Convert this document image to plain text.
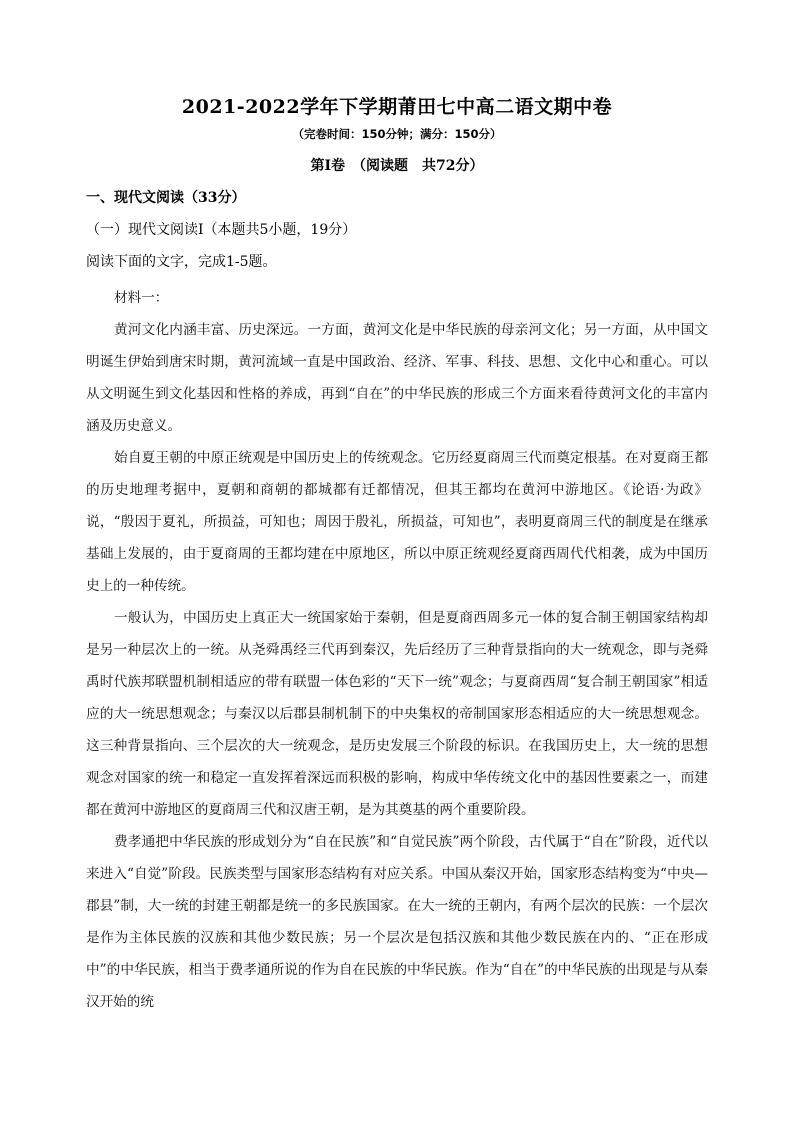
2021-2022学年下学期莆田七中高二语文期中卷
（完卷时间：150分钟；满分：150分）
第Ⅰ卷　（阅读题　共72分）
一、现代文阅读（33分）
（一）现代文阅读Ⅰ（本题共5小题，19分）
阅读下面的文字，完成1-5题。
材料一：

黄河文化内涵丰富、历史深远。一方面，黄河文化是中华民族的母亲河文化；另一方面，从中国文明诞生伊始到唐宋时期，黄河流域一直是中国政治、经济、军事、科技、思想、文化中心和重心。可以从文明诞生到文化基因和性格的养成，再到“自在”的中华民族的形成三个方面来看待黄河文化的丰富内涵及历史意义。

始自夏王朝的中原正统观是中国历史上的传统观念。它历经夏商周三代而奠定根基。在对夏商王都的历史地理考据中，夏朝和商朝的都城都有迁都情况，但其王都均在黄河中游地区。《论语·为政》说，“殷因于夏礼，所损益，可知也；周因于殷礼，所损益，可知也”，表明夏商周三代的制度是在继承基础上发展的，由于夏商周的王都均建在中原地区，所以中原正统观经夏商西周代代相袭，成为中国历史上的一种传统。

一般认为，中国历史上真正大一统国家始于秦朝，但是夏商西周多元一体的复合制王朝国家结构却是另一种层次上的一统。从尧舜禹经三代再到秦汉，先后经历了三种背景指向的大一统观念，即与尧舜禹时代族邦联盟机制相适应的带有联盟一体色彩的“天下一统”观念；与夏商西周“复合制王朝国家”相适应的大一统思想观念；与秦汉以后郡县制机制下的中央集权的帝制国家形态相适应的大一统思想观念。这三种背景指向、三个层次的大一统观念，是历史发展三个阶段的标识。在我国历史上，大一统的思想观念对国家的统一和稳定一直发挥着深远而积极的影响，构成中华传统文化中的基因性要素之一，而建都在黄河中游地区的夏商周三代和汉唐王朝，是为其奠基的两个重要阶段。

费孝通把中华民族的形成划分为“自在民族”和“自觉民族”两个阶段，古代属于“自在”阶段，近代以来进入“自觉”阶段。民族类型与国家形态结构有对应关系。中国从秦汉开始，国家形态结构变为“中央—郡县”制，大一统的封建王朝都是统一的多民族国家。在大一统的王朝内，有两个层次的民族：一个层次是作为主体民族的汉族和其他少数民族；另一个层次是包括汉族和其他少数民族在内的、“正在形成中”的中华民族，相当于费孝通所说的作为自在民族的中华民族。作为“自在”的中华民族的出现是与从秦汉开始的统
